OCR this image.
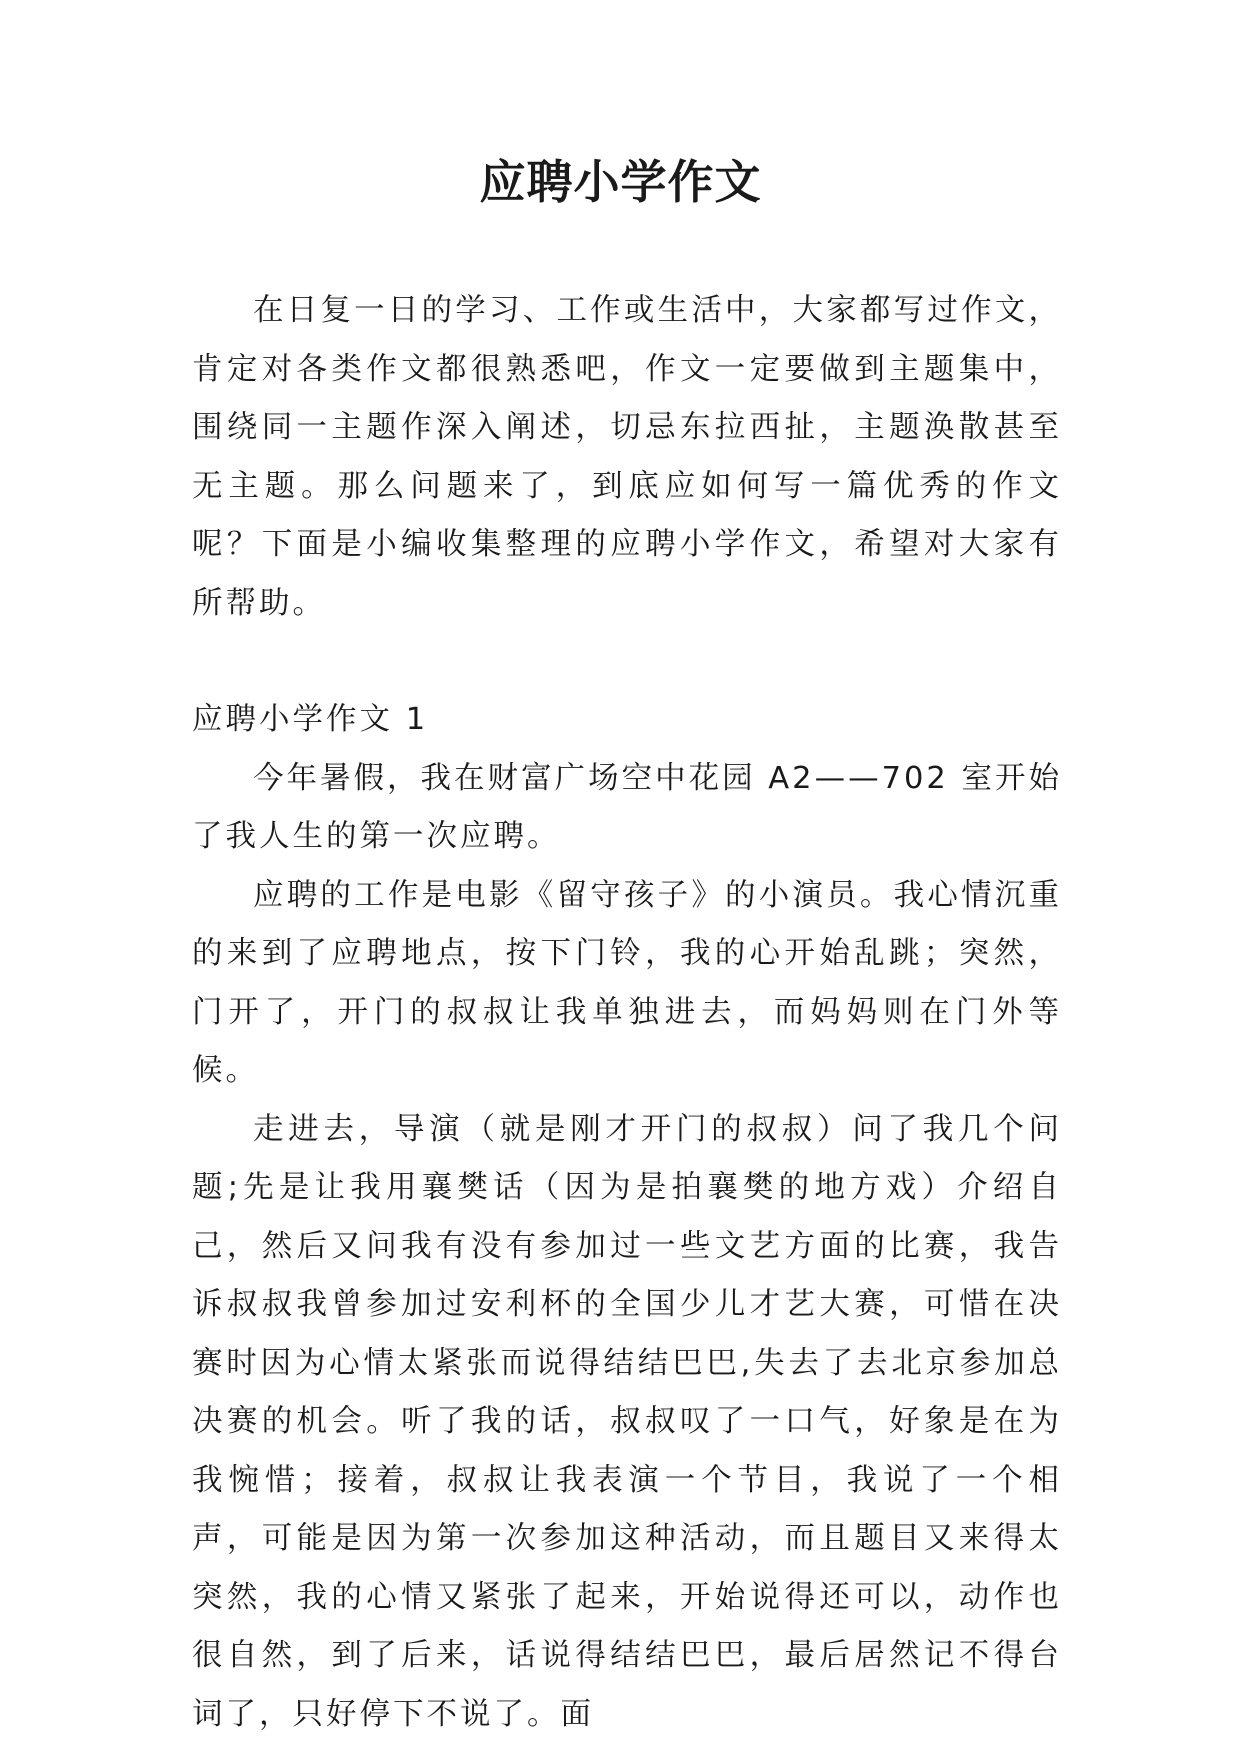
应聘小学作文

在日复一日的学习、工作或生活中，大家都写过作文，肯定对各类作文都很熟悉吧，作文一定要做到主题集中，围绕同一主题作深入阐述，切忌东拉西扯，主题涣散甚至无主题。那么问题来了，到底应如何写一篇优秀的作文呢？下面是小编收集整理的应聘小学作文，希望对大家有所帮助。

应聘小学作文 1

今年暑假，我在财富广场空中花园 A2——702 室开始了我人生的第一次应聘。

应聘的工作是电影《留守孩子》的小演员。我心情沉重的来到了应聘地点，按下门铃，我的心开始乱跳；突然，门开了，开门的叔叔让我单独进去，而妈妈则在门外等候。

走进去，导演（就是刚才开门的叔叔）问了我几个问题;先是让我用襄樊话（因为是拍襄樊的地方戏）介绍自己，然后又问我有没有参加过一些文艺方面的比赛，我告诉叔叔我曾参加过安利杯的全国少儿才艺大赛，可惜在决赛时因为心情太紧张而说得结结巴巴,失去了去北京参加总决赛的机会。听了我的话，叔叔叹了一口气，好象是在为我惋惜；接着，叔叔让我表演一个节目，我说了一个相声，可能是因为第一次参加这种活动，而且题目又来得太突然，我的心情又紧张了起来，开始说得还可以，动作也很自然，到了后来，话说得结结巴巴，最后居然记不得台词了，只好停下不说了。面
